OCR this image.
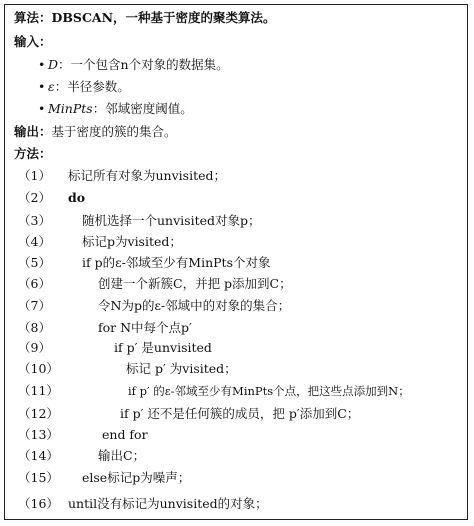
算法：DBSCAN，一种基于密度的聚类算法。
输入：
• D：一个包含n个对象的数据集。
• ε：半径参数。
• MinPts：邻域密度阈值。
输出：基于密度的簇的集合。
方法：
（1）	标记所有对象为unvisited；
（2）	do
（3）	随机选择一个unvisited对象p；
（4）	标记p为visited；
（5）	if p的ε-邻域至少有MinPts个对象
（6）	创建一个新簇C，并把 p添加到C；
（7）	令N为p的ε-邻域中的对象的集合；
（8）	for N中每个点p′
（9）	if p′ 是unvisited
（10）	标记 p′ 为visited；
（11）	if p′ 的ε-邻域至少有MinPts个点，把这些点添加到N；
（12）	if p′ 还不是任何簇的成员，把 p′添加到C；
（13）	end for
（14）	输出C；
（15）	else标记p为噪声；
（16） until没有标记为unvisited的对象；
